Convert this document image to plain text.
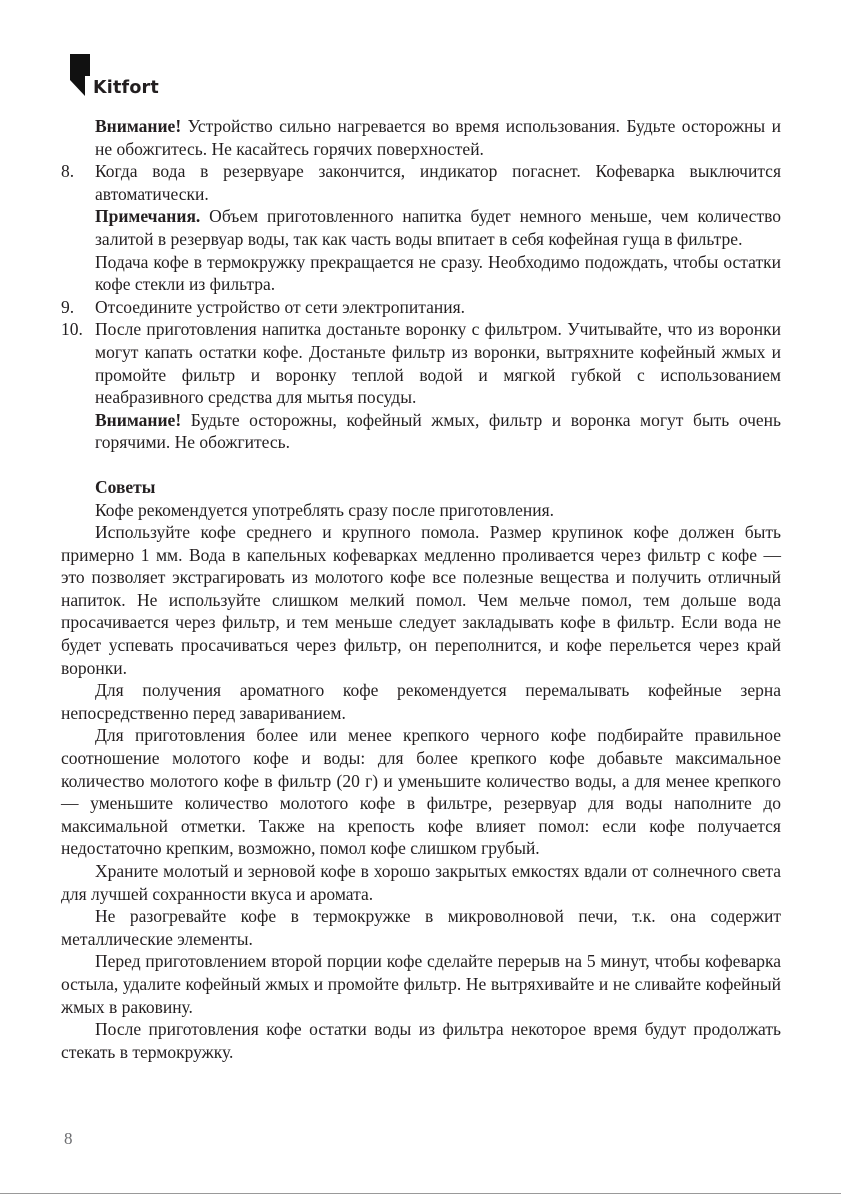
Kitfort

Внимание! Устройство сильно нагревается во время использования. Будьте осторожны и не обожгитесь. Не касайтесь горячих поверхностей.

8. Когда вода в резервуаре закончится, индикатор погаснет. Кофеварка выключится автоматически.

Примечания. Объем приготовленного напитка будет немного меньше, чем количество залитой в резервуар воды, так как часть воды впитает в себя кофейная гуща в фильтре.

Подача кофе в термокружку прекращается не сразу. Необходимо подождать, чтобы остатки кофе стекли из фильтра.

9. Отсоедините устройство от сети электропитания.

10. После приготовления напитка достаньте воронку с фильтром. Учитывайте, что из воронки могут капать остатки кофе. Достаньте фильтр из воронки, вытряхните кофейный жмых и промойте фильтр и воронку теплой водой и мягкой губкой с использованием неабразивного средства для мытья посуды.

Внимание! Будьте осторожны, кофейный жмых, фильтр и воронка могут быть очень горячими. Не обожгитесь.

Советы

Кофе рекомендуется употреблять сразу после приготовления.

Используйте кофе среднего и крупного помола. Размер крупинок кофе должен быть примерно 1 мм. Вода в капельных кофеварках медленно проливается через фильтр с кофе — это позволяет экстрагировать из молотого кофе все полезные вещества и получить отличный напиток. Не используйте слишком мелкий помол. Чем мельче помол, тем дольше вода просачивается через фильтр, и тем меньше следует закладывать кофе в фильтр. Если вода не будет успевать просачиваться через фильтр, он переполнится, и кофе перельется через край воронки.

Для получения ароматного кофе рекомендуется перемалывать кофейные зерна непосредственно перед завариванием.

Для приготовления более или менее крепкого черного кофе подбирайте правильное соотношение молотого кофе и воды: для более крепкого кофе добавьте максимальное количество молотого кофе в фильтр (20 г) и уменьшите количество воды, а для менее крепкого — уменьшите количество молотого кофе в фильтре, резервуар для воды наполните до максимальной отметки. Также на крепость кофе влияет помол: если кофе получается недостаточно крепким, возможно, помол кофе слишком грубый.

Храните молотый и зерновой кофе в хорошо закрытых емкостях вдали от солнечного света для лучшей сохранности вкуса и аромата.

Не разогревайте кофе в термокружке в микроволновой печи, т.к. она содержит металлические элементы.

Перед приготовлением второй порции кофе сделайте перерыв на 5 минут, чтобы кофеварка остыла, удалите кофейный жмых и промойте фильтр. Не вытряхивайте и не сливайте кофейный жмых в раковину.

После приготовления кофе остатки воды из фильтра некоторое время будут продолжать стекать в термокружку.

8
